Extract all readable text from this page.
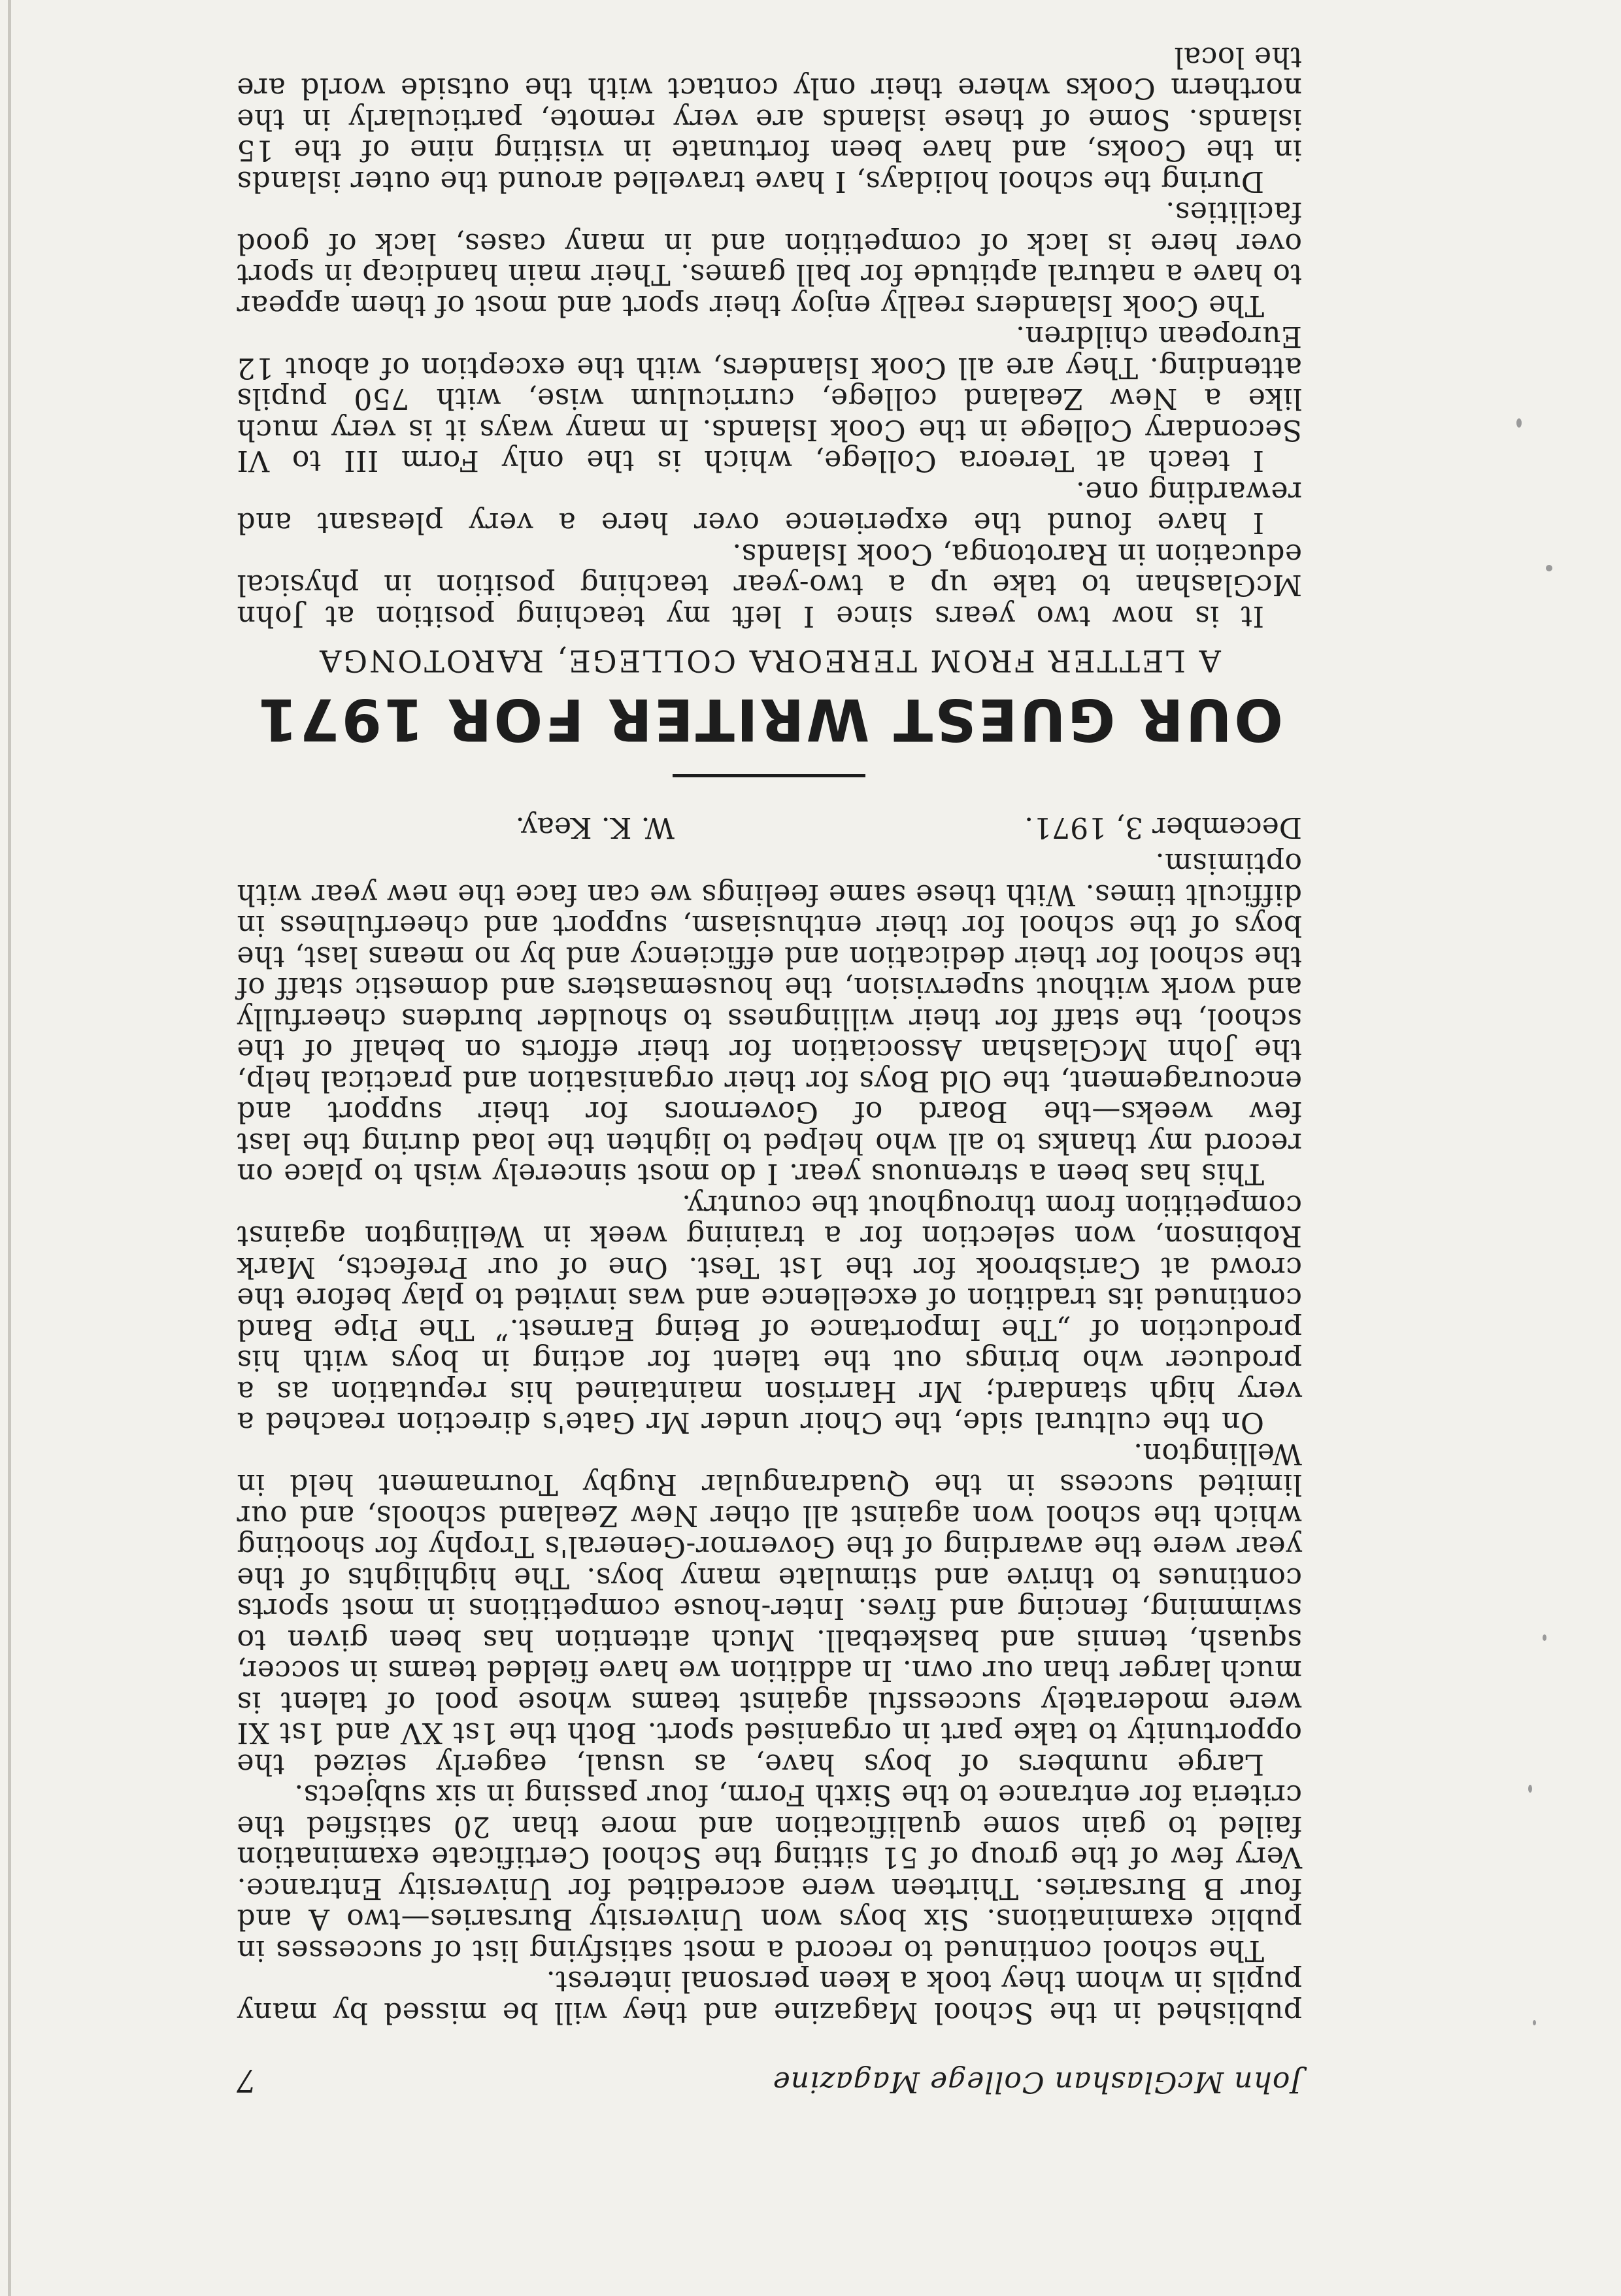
John McGlashan College Magazine
7

published in the School Magazine and they will be missed by many pupils in whom they took a keen personal interest.

The school continued to record a most satisfying list of successes in public examinations. Six boys won University Bursaries—two A and four B Bursaries. Thirteen were accredited for University Entrance. Very few of the group of 51 sitting the School Certificate examination failed to gain some qualification and more than 20 satisfied the criteria for entrance to the Sixth Form, four passing in six subjects.

Large numbers of boys have, as usual, eagerly seized the opportunity to take part in organised sport. Both the 1st XV and 1st XI were moderately successful against teams whose pool of talent is much larger than our own. In addition we have fielded teams in soccer, squash, tennis and basketball. Much attention has been given to swimming, fencing and fives. Inter-house competitions in most sports continues to thrive and stimulate many boys. The highlights of the year were the awarding of the Governor-General's Trophy for shooting which the school won against all other New Zealand schools, and our limited success in the Quadrangular Rugby Tournament held in Wellington.

On the cultural side, the Choir under Mr Gate's direction reached a very high standard; Mr Harrison maintained his reputation as a producer who brings out the talent for acting in boys with his production of „The Importance of Being Earnest.” The Pipe Band continued its tradition of excellence and was invited to play before the crowd at Carisbrook for the 1st Test. One of our Prefects, Mark Robinson, won selection for a training week in Wellington against competition from throughout the country.

This has been a strenuous year. I do most sincerely wish to place on record my thanks to all who helped to lighten the load during the last few weeks—the Board of Governors for their support and encouragement, the Old Boys for their organisation and practical help, the John McGlashan Association for their efforts on behalf of the school, the staff for their willingness to shoulder burdens cheerfully and work without supervision, the housemasters and domestic staff of the school for their dedication and efficiency and by no means last, the boys of the school for their enthusiasm, support and cheerfulness in difficult times. With these same feelings we can face the new year with optimism.

December 3, 1971.
W. K. Keay.
OUR GUEST WRITER FOR 1971
A LETTER FROM TEREORA COLLEGE, RAROTONGA

It is now two years since I left my teaching position at John McGlashan to take up a two-year teaching position in physical education in Rarotonga, Cook Islands.

I have found the experience over here a very pleasant and rewarding one.

I teach at Tereora College, which is the only Form III to VI Secondary College in the Cook Islands. In many ways it is very much like a New Zealand college, curriculum wise, with 750 pupils attending. They are all Cook Islanders, with the exception of about 12 European children.

The Cook Islanders really enjoy their sport and most of them appear to have a natural aptitude for ball games. Their main handicap in sport over here is lack of competition and in many cases, lack of good facilities.

During the school holidays, I have travelled around the outer islands in the Cooks, and have been fortunate in visiting nine of the 15 islands. Some of these islands are very remote, particularly in the northern Cooks where their only contact with the outside world are the local
